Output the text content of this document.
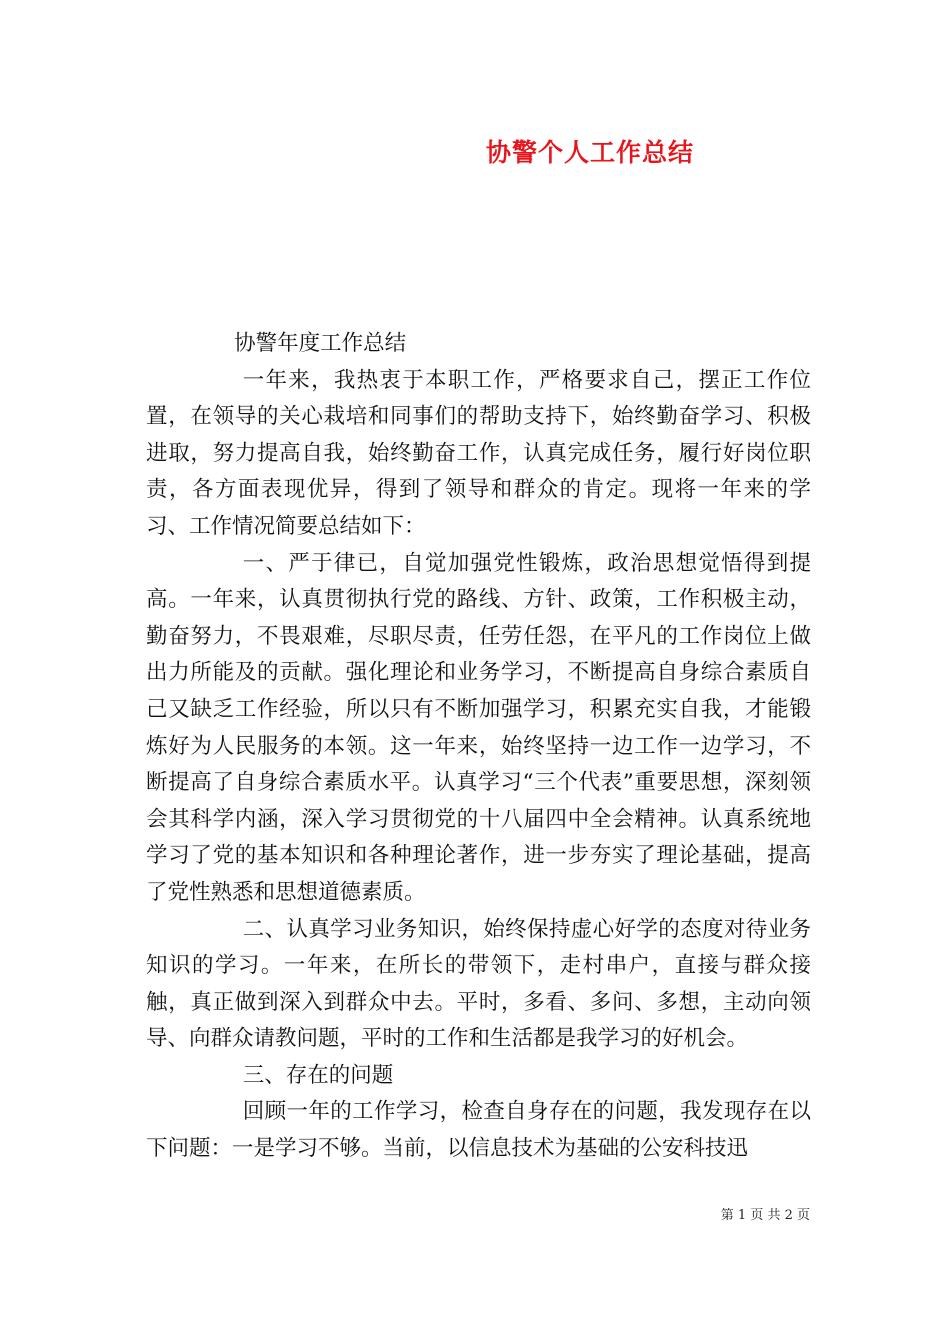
协警个人工作总结

协警年度工作总结

一年来，我热衷于本职工作，严格要求自己，摆正工作位置，在领导的关心栽培和同事们的帮助支持下，始终勤奋学习、积极进取，努力提高自我，始终勤奋工作，认真完成任务，履行好岗位职责，各方面表现优异，得到了领导和群众的肯定。现将一年来的学习、工作情况简要总结如下：

一、严于律已，自觉加强党性锻炼，政治思想觉悟得到提高。一年来，认真贯彻执行党的路线、方针、政策，工作积极主动，勤奋努力，不畏艰难，尽职尽责，任劳任怨，在平凡的工作岗位上做出力所能及的贡献。强化理论和业务学习，不断提高自身综合素质自己又缺乏工作经验，所以只有不断加强学习，积累充实自我，才能锻炼好为人民服务的本领。这一年来，始终坚持一边工作一边学习，不断提高了自身综合素质水平。认真学习“三个代表”重要思想，深刻领会其科学内涵，深入学习贯彻党的十八届四中全会精神。认真系统地学习了党的基本知识和各种理论著作，进一步夯实了理论基础，提高了党性熟悉和思想道德素质。

二、认真学习业务知识，始终保持虚心好学的态度对待业务知识的学习。一年来，在所长的带领下，走村串户，直接与群众接触，真正做到深入到群众中去。平时，多看、多问、多想，主动向领导、向群众请教问题，平时的工作和生活都是我学习的好机会。

三、存在的问题

回顾一年的工作学习，检查自身存在的问题，我发现存在以下问题：一是学习不够。当前，以信息技术为基础的公安科技迅

第 1 页 共 2 页
